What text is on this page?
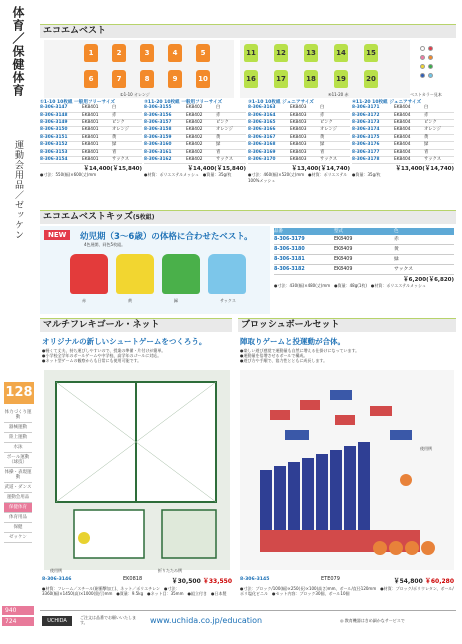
体育／保健体育
運動会用品／ゼッケン
128
体力づくり運動
器械運動
陸上運動
水泳
ボール運動（球技）
体操・表現運動
武道・ダンス
運動会用品
保健体育
体育用品
保健
ゼッケン
940
724
エコエムベスト
1	2	3	4	5
6	7	8	9	10
11	12	13	14	15
16	17	18	19	20
①1-10 オレンジ	④11-20 赤	ベストカラー見本
①1-10 10枚組 一般用フリーサイズ
8-306-3147	EK8401	白
8-306-3148	EK8401	赤
8-306-3149	EK8401	ピンク
8-306-3150	EK8401	オレンジ
8-306-3151	EK8401	黄
8-306-3152	EK8401	緑
8-306-3153	EK8401	青
8-306-3154	EK8401	サックス
￥14,400(￥15,840)
●寸法：550(幅)×600(丈)mm
②11-20 10枚組 一般用フリーサイズ
8-306-3155	EK8402	白
8-306-3156	EK8402	赤
8-306-3157	EK8402	ピンク
8-306-3158	EK8402	オレンジ
8-306-3159	EK8402	黄
8-306-3160	EK8402	緑
8-306-3161	EK8402	青
8-306-3162	EK8402	サックス
￥14,400(￥15,840)
●材質：ポリエステルメッシュ　●質量：35g/枚
③1-10 10枚組 ジュニアサイズ
8-306-3163	EK8403	白
8-306-3164	EK8403	赤
8-306-3165	EK8403	ピンク
8-306-3166	EK8403	オレンジ
8-306-3167	EK8403	黄
8-306-3168	EK8403	緑
8-306-3169	EK8403	青
8-306-3170	EK8403	サックス
￥13,400(￥14,740)
●寸法：460(幅)×520(丈)mm　●材質：ポリエステル100%メッシュ
④11-20 10枚組 ジュニアサイズ
8-306-3171	EK8404	白
8-306-3172	EK8404	赤
8-306-3173	EK8404	ピンク
8-306-3174	EK8404	オレンジ
8-306-3175	EK8404	黄
8-306-3176	EK8404	緑
8-306-3177	EK8404	青
8-306-3178	EK8404	サックス
￥13,400(￥14,740)
●質量：35g/枚
エコエムベストキッズ(5枚組)
NEW	幼児期（3〜6歳）の体格に合わせたベスト。
4色展開、同色5枚組。
赤	黄	緑	サックス
品番	型式	色
8-306-3179	EK8409	赤
8-306-3180	EK8409	黄
8-306-3181	EK8409	緑
8-306-3182	EK8409	サックス
￥6,200(￥6,820)
●寸法：430(幅)×480(丈)mm　●質量：48g(1枚)　●材質：ポリエステルメッシュ
マルチフレキゴール・ネット
オリジナルの新しいシュートゲームをつくろう。
●軽くて丈夫、持ち運びしやすいので、授業の準備・片付けが簡単。
●小学校全学年のボールゲームや中学校、高学年のゴールに対応。
●ネット型ゲームの観察からも日常にも使用可能です。
使用例	折りたたみ例
8-306-3146	EK0818	￥30,500 ￥33,550
●材質：フレーム／スチール(耐衝撃加工)、ネット／ポリエチレン　●寸法：3360(幅)×1450(高)×1000(奥行)mm　●質量：9.5kg　●ネット目：35mm　●組立付き　●日本製
ブロッシュボールセット
陣取りゲームと投運動が合体。
●楽しい遊び感覚で運動量も自然に増える仕掛けになっています。
●運動量を倍増させるボールで構成。
●遊び方や手順で、協力性とともに成長します。
使用例
8-306-3145	ETE079	￥54,800 ￥60,280
●寸法：ブロック/100(幅)×250(長)×100(高さ)mm、ボール/直径120mm　●材質：ブロック/ポリウレタン、ボール/ポリ塩化ビニル　●セット内容：ブロック30個、ボール10個
UCHIDA
ご注文は品番でお願いいたします。	www.uchida.co.jp/education	◎ 教育機器はきめ細かなサービスで
